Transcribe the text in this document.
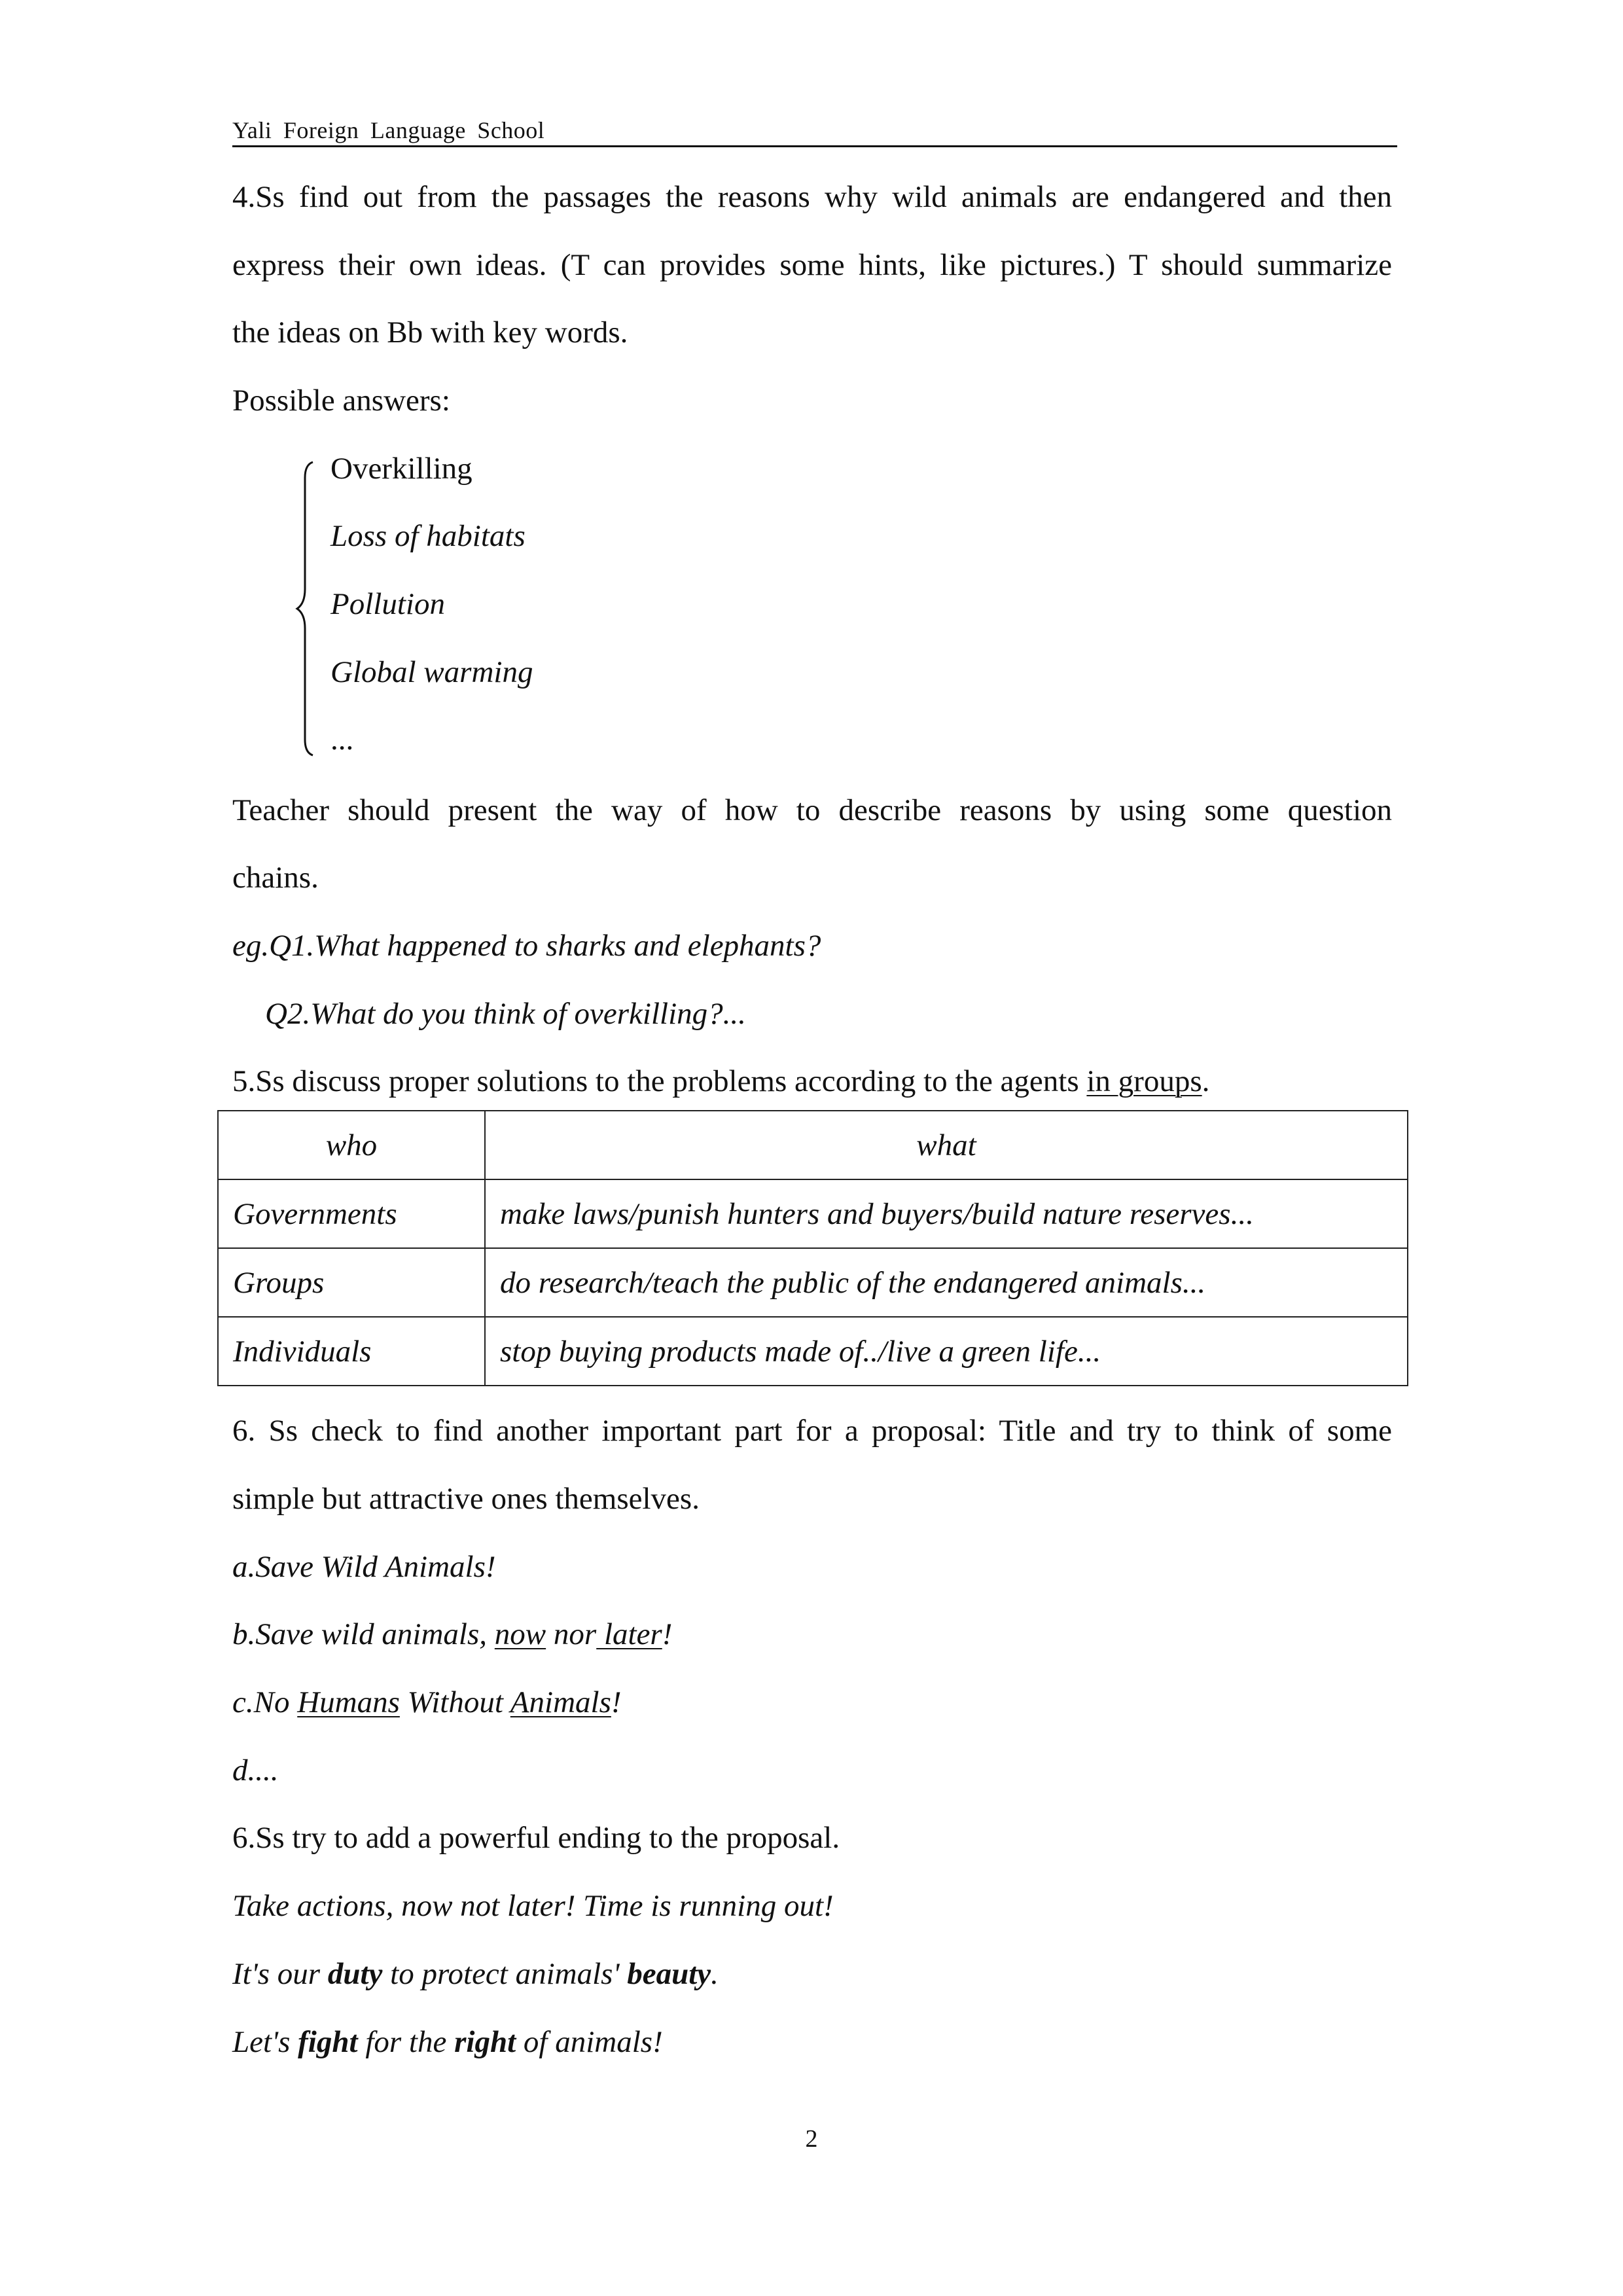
Yali Foreign Language School
4.Ss find out from the passages the reasons why wild animals are endangered and then
express their own ideas. (T can provides some hints, like pictures.) T should summarize
the ideas on Bb with key words.
Possible answers:
Overkilling
Loss of habitats
Pollution
Global warming
...
Teacher should present the way of how to describe reasons by using some question
chains.
eg.Q1.What happened to sharks and elephants?
Q2.What do you think of overkilling?...
5.Ss discuss proper solutions to the problems according to the agents in groups.
who	what
Governments	make laws/punish hunters and buyers/build nature reserves...
Groups	do research/teach the public of the endangered animals...
Individuals	stop buying products made of../live a green life...
6. Ss check to find another important part for a proposal: Title and try to think of some
simple but attractive ones themselves.
a.Save Wild Animals!
b.Save wild animals, now nor later!
c.No Humans Without Animals!
d....
6.Ss try to add a powerful ending to the proposal.
Take actions, now not later! Time is running out!
It's our duty to protect animals' beauty.
Let's fight for the right of animals!
2
